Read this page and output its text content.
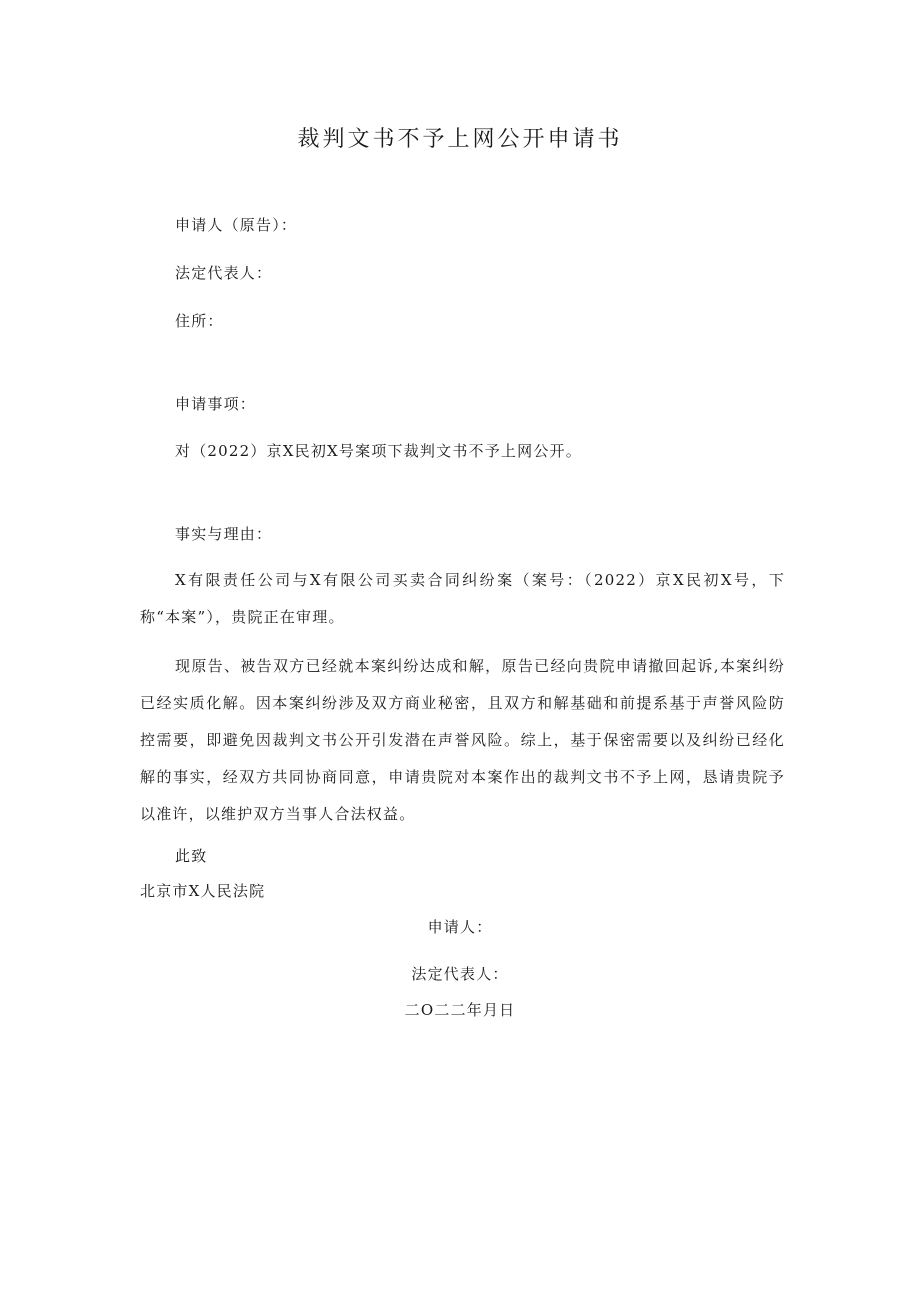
裁判文书不予上网公开申请书
申请人（原告）：
法定代表人：
住所：
申请事项：
对（2022）京X民初X号案项下裁判文书不予上网公开。
事实与理由：
X有限责任公司与X有限公司买卖合同纠纷案（案号：（2022）京X民初X号，下称“本案”），贵院正在审理。
现原告、被告双方已经就本案纠纷达成和解，原告已经向贵院申请撤回起诉,本案纠纷已经实质化解。因本案纠纷涉及双方商业秘密，且双方和解基础和前提系基于声誉风险防控需要，即避免因裁判文书公开引发潜在声誉风险。综上，基于保密需要以及纠纷已经化解的事实，经双方共同协商同意，申请贵院对本案作出的裁判文书不予上网，恳请贵院予以准许，以维护双方当事人合法权益。
此致
北京市X人民法院
申请人：
法定代表人：
二O二二年月日
